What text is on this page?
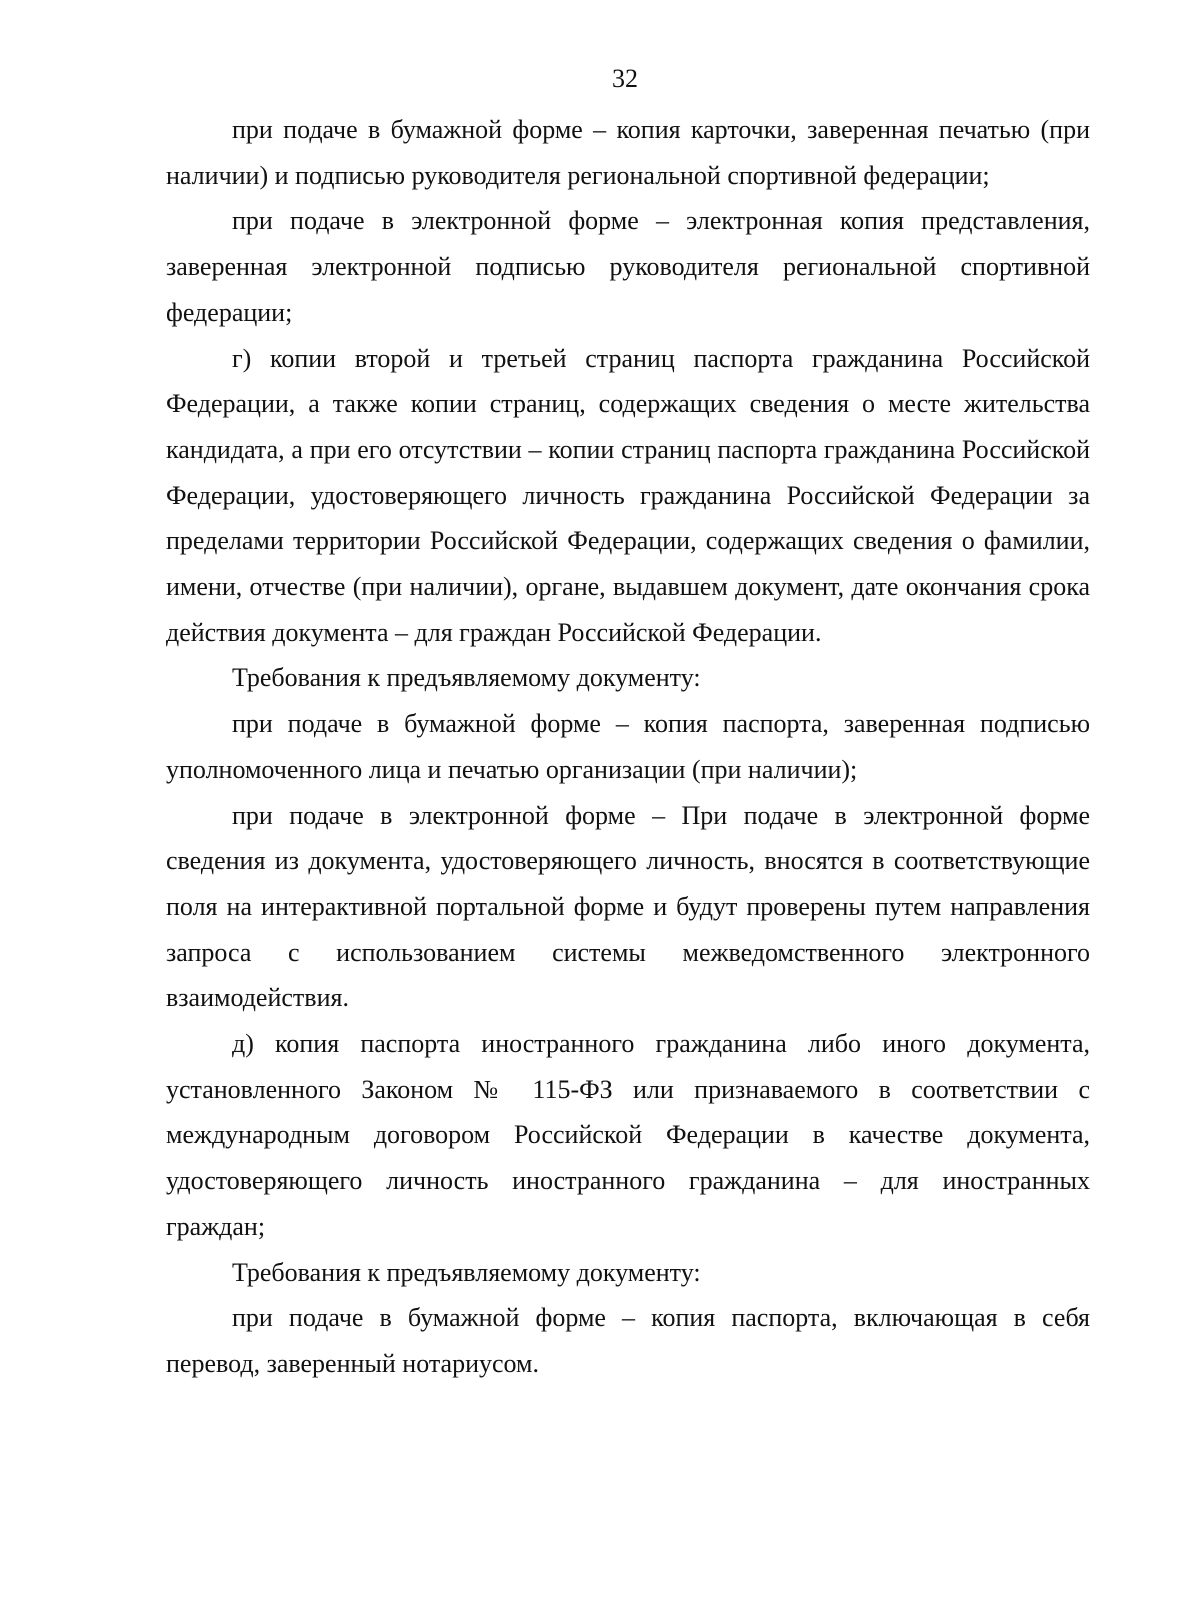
32

при подаче в бумажной форме – копия карточки, заверенная печатью (при наличии) и подписью руководителя региональной спортивной федерации;

при подаче в электронной форме – электронная копия представления, заверенная электронной подписью руководителя региональной спортивной федерации;

г) копии второй и третьей страниц паспорта гражданина Российской Федерации, а также копии страниц, содержащих сведения о месте жительства кандидата, а при его отсутствии – копии страниц паспорта гражданина Российской Федерации, удостоверяющего личность гражданина Российской Федерации за пределами территории Российской Федерации, содержащих сведения о фамилии, имени, отчестве (при наличии), органе, выдавшем документ, дате окончания срока действия документа – для граждан Российской Федерации.

Требования к предъявляемому документу:

при подаче в бумажной форме – копия паспорта, заверенная подписью уполномоченного лица и печатью организации (при наличии);

при подаче в электронной форме – При подаче в электронной форме сведения из документа, удостоверяющего личность, вносятся в соответствующие поля на интерактивной портальной форме и будут проверены путем направления запроса с использованием системы межведомственного электронного взаимодействия.

д) копия паспорта иностранного гражданина либо иного документа, установленного Законом № 115-ФЗ или признаваемого в соответствии с международным договором Российской Федерации в качестве документа, удостоверяющего личность иностранного гражданина – для иностранных граждан;

Требования к предъявляемому документу:

при подаче в бумажной форме – копия паспорта, включающая в себя перевод, заверенный нотариусом.
